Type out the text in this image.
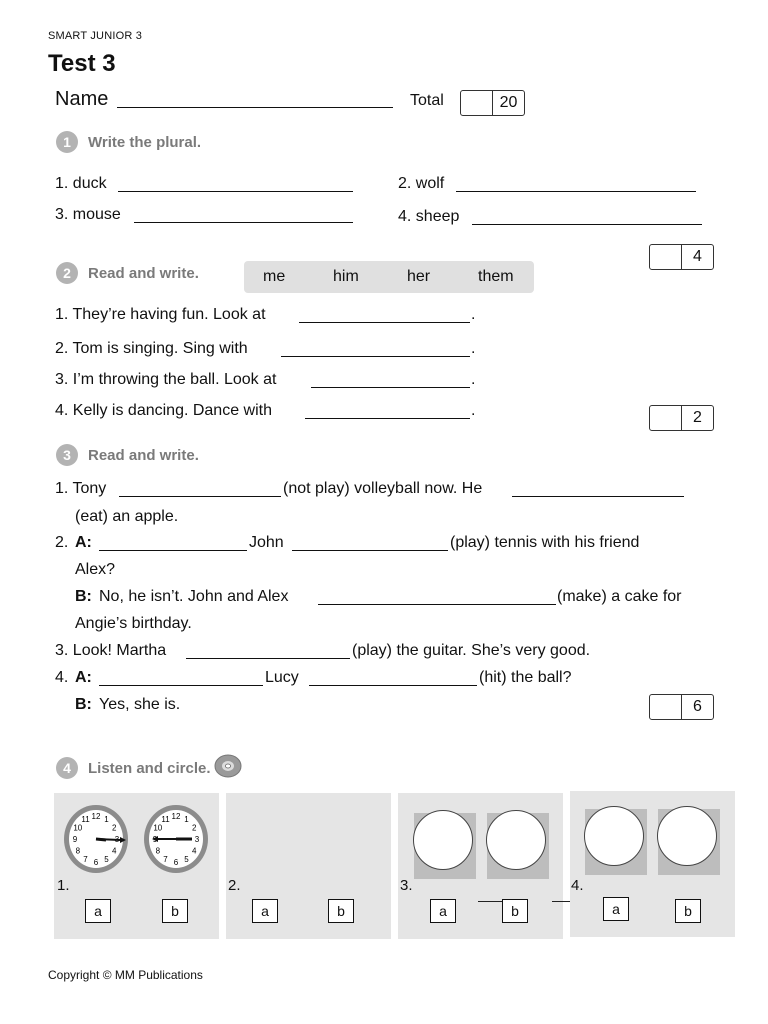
SMART JUNIOR 3
Test 3
Name	Total	20
1	Write the plural.
1. duck	2. wolf
3. mouse	4. sheep
4
2	Read and write.	me	him	her	them
1. They’re having fun. Look at	.
2. Tom is singing. Sing with	.
3. I’m throwing the ball. Look at	.
4. Kelly is dancing. Dance with	.	2
3	Read and write.
1. Tony	(not play) volleyball now. He
(eat) an apple.
2. A:	John	(play) tennis with his friend
Alex?
B: No, he isn’t. John and Alex	(make) a cake for
Angie’s birthday.
3. Look! Martha	(play) the guitar. She’s very good.
4. A:	Lucy	(hit) the ball?
B: Yes, she is.	6
4	Listen and circle.
12 1
2
4
5
6
7
8
9
10
11	12 1
2
3
4
5
6
7
8
10
11
1.
a	b
2.
a	b
3.
a	b
4.
a	b
Copyright © MM Publications
